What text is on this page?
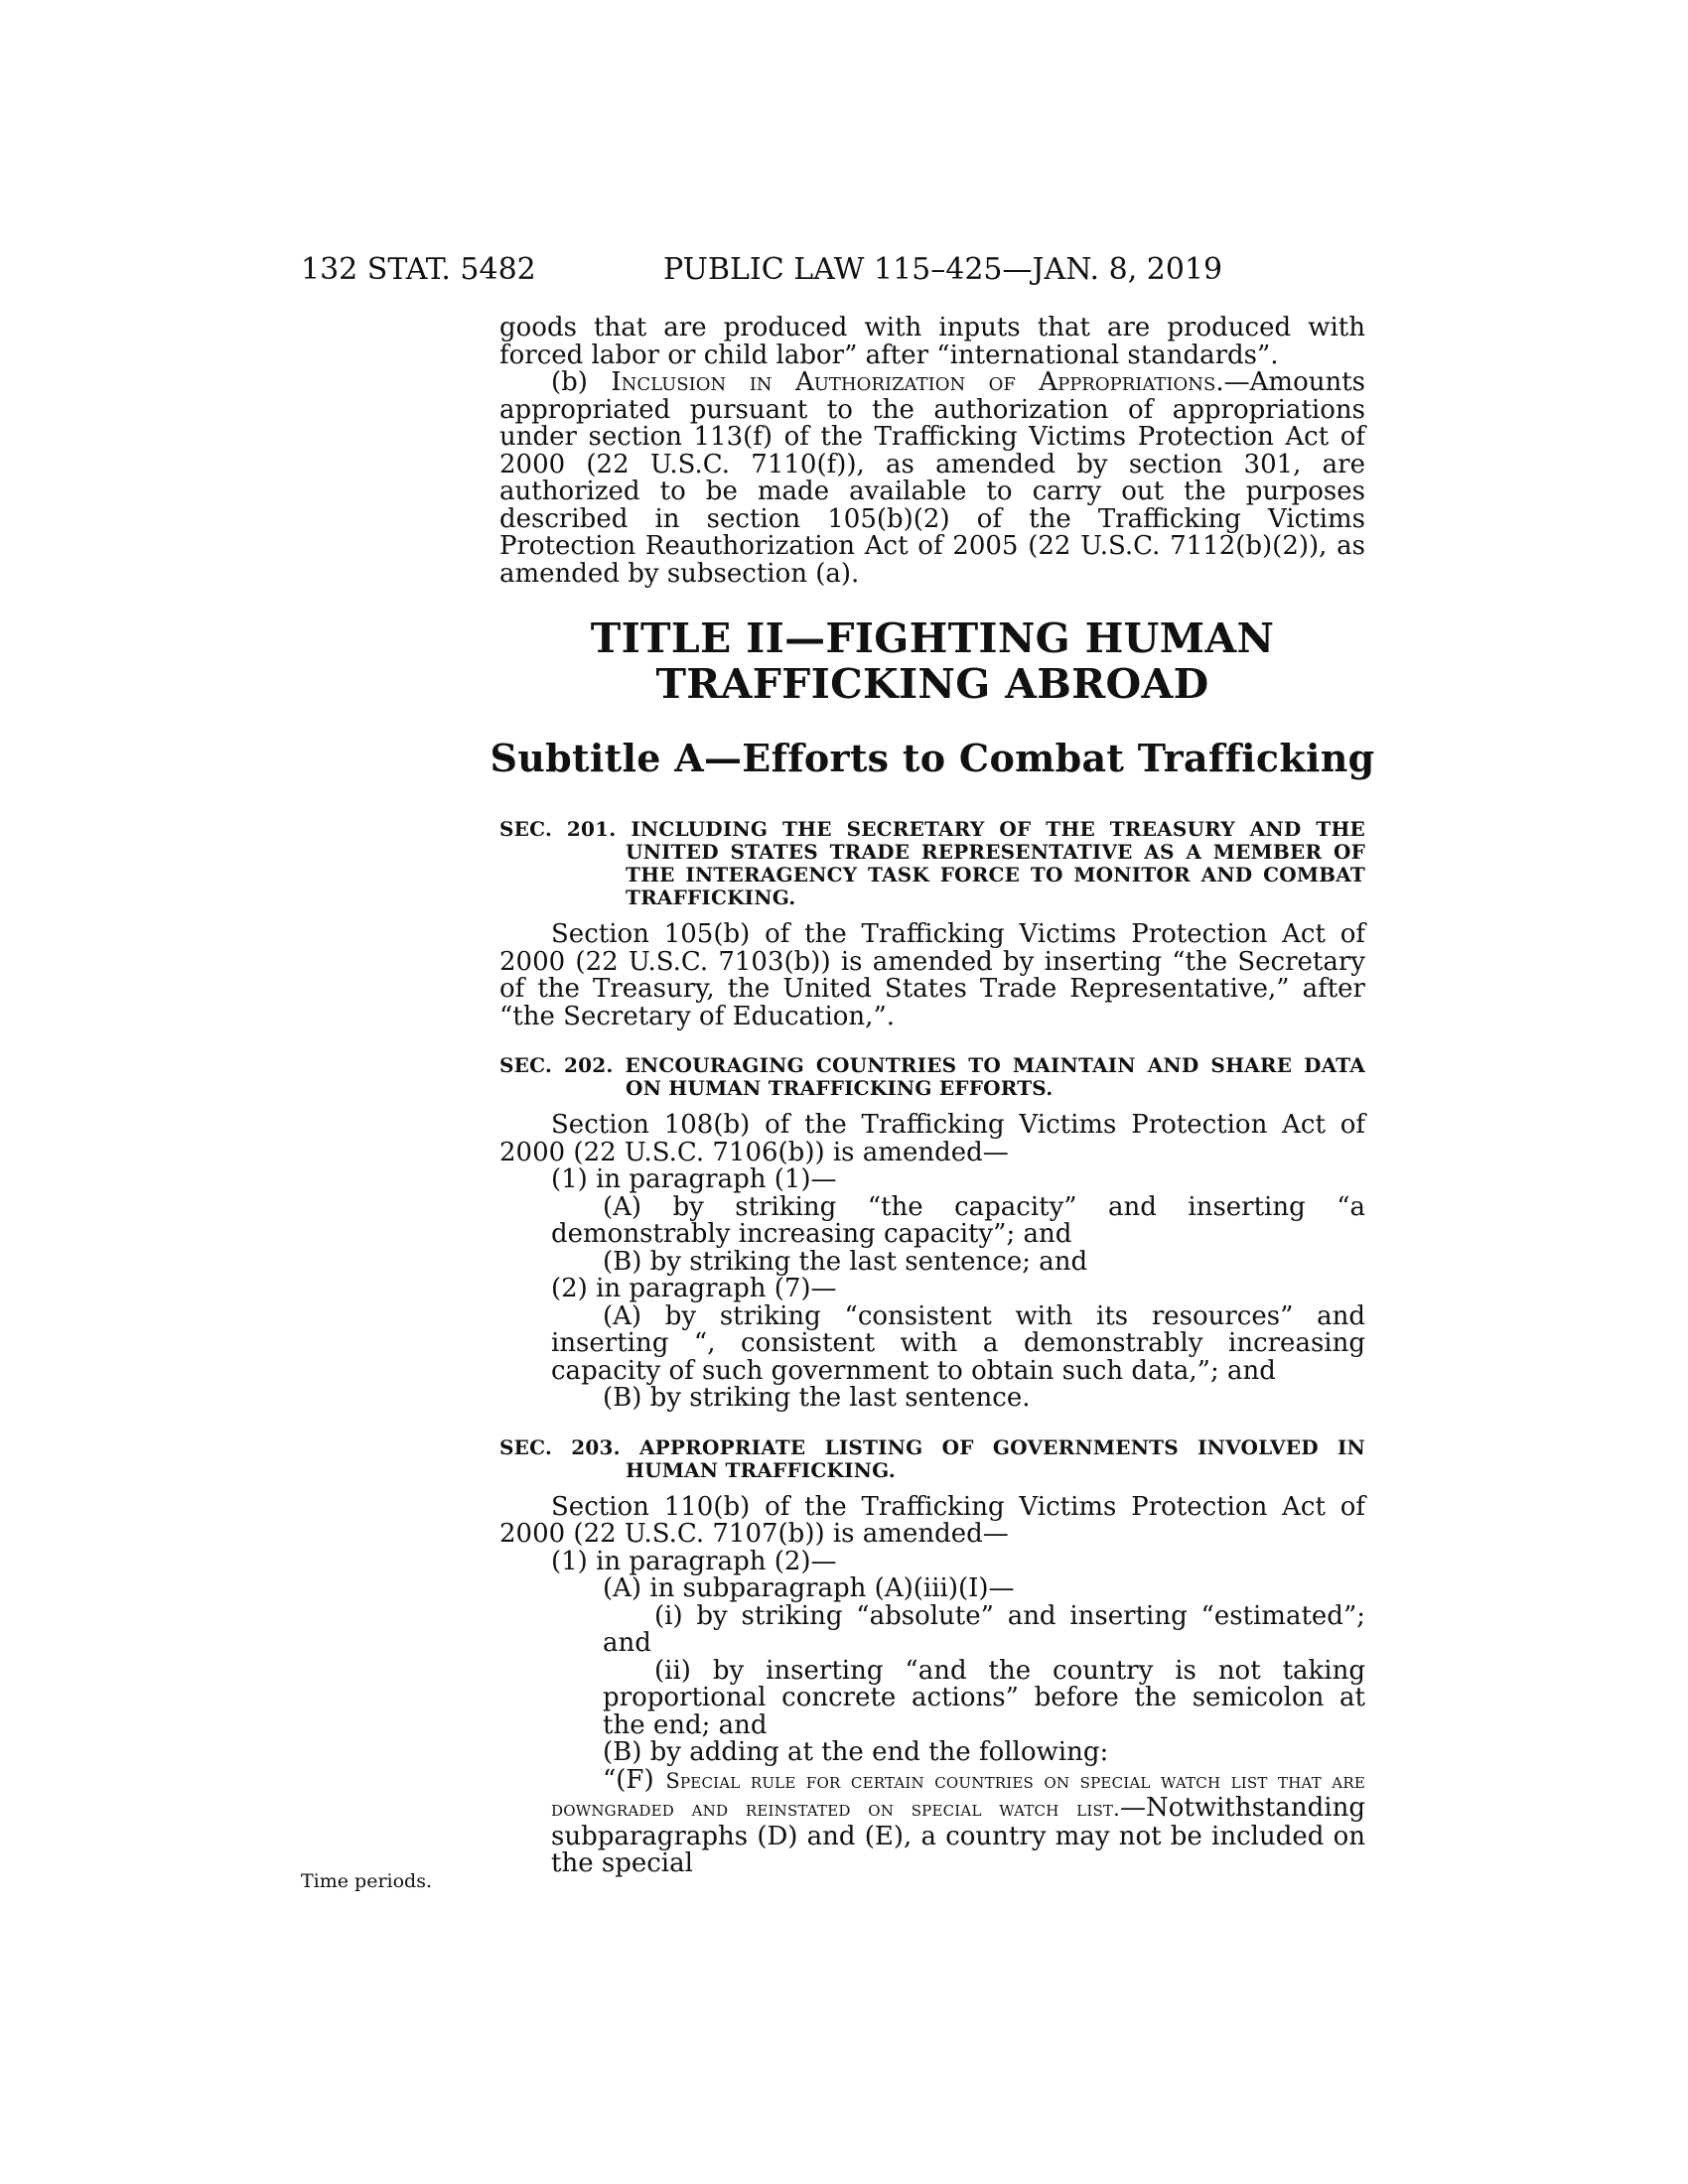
132 STAT. 5482	PUBLIC LAW 115–425—JAN. 8, 2019
Time periods.

goods that are produced with inputs that are produced with forced labor or child labor” after “international standards”.

(b) Inclusion in Authorization of Appropriations.—Amounts appropriated pursuant to the authorization of appropriations under section 113(f) of the Trafficking Victims Protection Act of 2000 (22 U.S.C. 7110(f)), as amended by section 301, are authorized to be made available to carry out the purposes described in section 105(b)(2) of the Trafficking Victims Protection Reauthorization Act of 2005 (22 U.S.C. 7112(b)(2)), as amended by subsection (a).

TITLE II—FIGHTING HUMAN
TRAFFICKING ABROAD
Subtitle A—Efforts to Combat Trafficking
SEC. 201. INCLUDING THE SECRETARY OF THE TREASURY AND THE UNITED STATES TRADE REPRESENTATIVE AS A MEMBER OF THE INTERAGENCY TASK FORCE TO MONITOR AND COMBAT TRAFFICKING.

Section 105(b) of the Trafficking Victims Protection Act of 2000 (22 U.S.C. 7103(b)) is amended by inserting “the Secretary of the Treasury, the United States Trade Representative,” after “the Secretary of Education,”.

SEC. 202. ENCOURAGING COUNTRIES TO MAINTAIN AND SHARE DATA ON HUMAN TRAFFICKING EFFORTS.

Section 108(b) of the Trafficking Victims Protection Act of 2000 (22 U.S.C. 7106(b)) is amended—

(1) in paragraph (1)—

(A) by striking “the capacity” and inserting “a demonstrably increasing capacity”; and

(B) by striking the last sentence; and

(2) in paragraph (7)—

(A) by striking “consistent with its resources” and inserting “, consistent with a demonstrably increasing capacity of such government to obtain such data,”; and

(B) by striking the last sentence.

SEC. 203. APPROPRIATE LISTING OF GOVERNMENTS INVOLVED IN HUMAN TRAFFICKING.

Section 110(b) of the Trafficking Victims Protection Act of 2000 (22 U.S.C. 7107(b)) is amended—

(1) in paragraph (2)—

(A) in subparagraph (A)(iii)(I)—

(i) by striking “absolute” and inserting “estimated”; and

(ii) by inserting “and the country is not taking proportional concrete actions” before the semicolon at the end; and

(B) by adding at the end the following:

“(F) Special rule for certain countries on special watch list that are downgraded and reinstated on special watch list.—Notwithstanding subparagraphs (D) and (E), a country may not be included on the special
